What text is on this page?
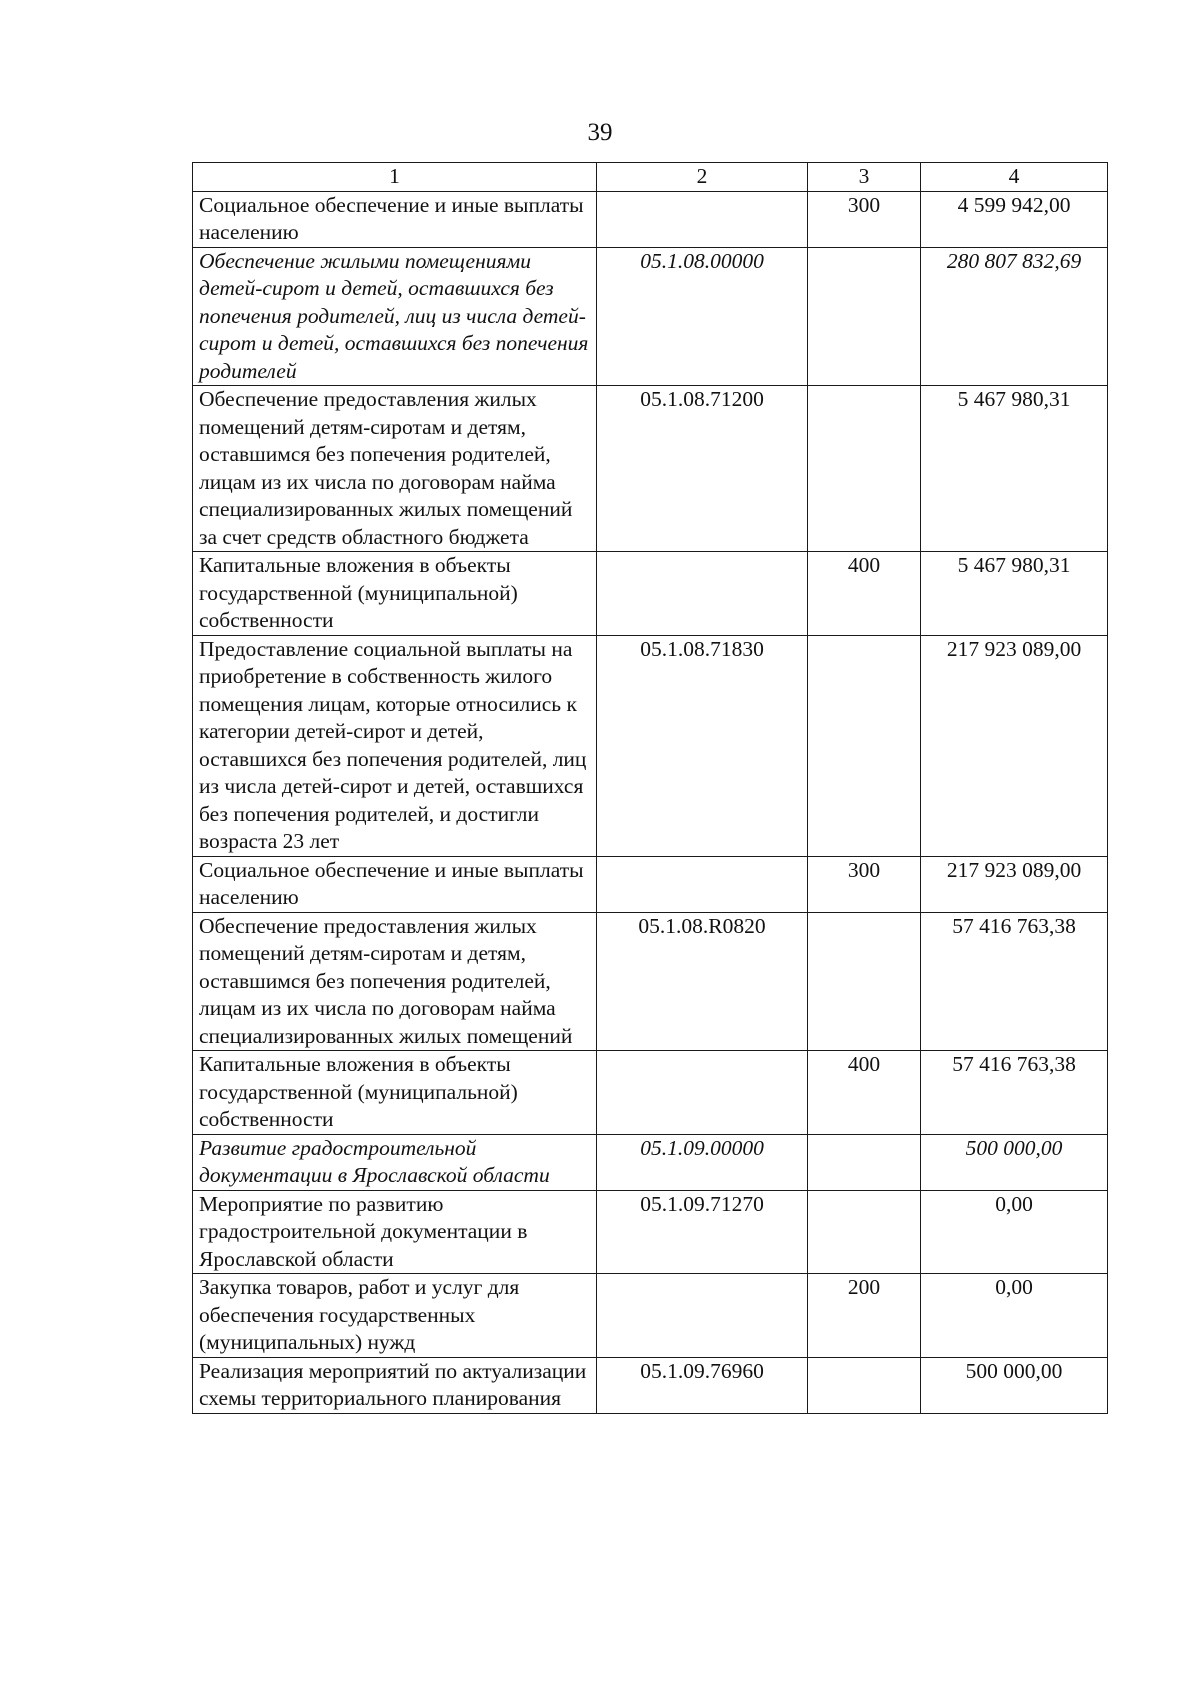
39
1	2	3	4
Социальное обеспечение и иные выплаты населению		300	4 599 942,00
Обеспечение жилыми помещениями детей-сирот и детей, оставшихся без попечения родителей, лиц из числа детей-сирот и детей, оставшихся без попечения родителей	05.1.08.00000		280 807 832,69
Обеспечение предоставления жилых помещений детям-сиротам и детям, оставшимся без попечения родителей, лицам из их числа по договорам найма специализированных жилых помещений за счет средств областного бюджета	05.1.08.71200		5 467 980,31
Капитальные вложения в объекты государственной (муниципальной) собственности		400	5 467 980,31
Предоставление социальной выплаты на приобретение в собственность жилого помещения лицам, которые относились к категории детей-сирот и детей, оставшихся без попечения родителей, лиц из числа детей-сирот и детей, оставшихся без попечения родителей, и достигли возраста 23 лет	05.1.08.71830		217 923 089,00
Социальное обеспечение и иные выплаты населению		300	217 923 089,00
Обеспечение предоставления жилых помещений детям-сиротам и детям, оставшимся без попечения родителей, лицам из их числа по договорам найма специализированных жилых помещений	05.1.08.R0820		57 416 763,38
Капитальные вложения в объекты государственной (муниципальной) собственности		400	57 416 763,38
Развитие градостроительной документации в Ярославской области	05.1.09.00000		500 000,00
Мероприятие по развитию градостроительной документации в Ярославской области	05.1.09.71270		0,00
Закупка товаров, работ и услуг для обеспечения государственных (муниципальных) нужд		200	0,00
Реализация мероприятий по актуализации схемы территориального планирования	05.1.09.76960		500 000,00
